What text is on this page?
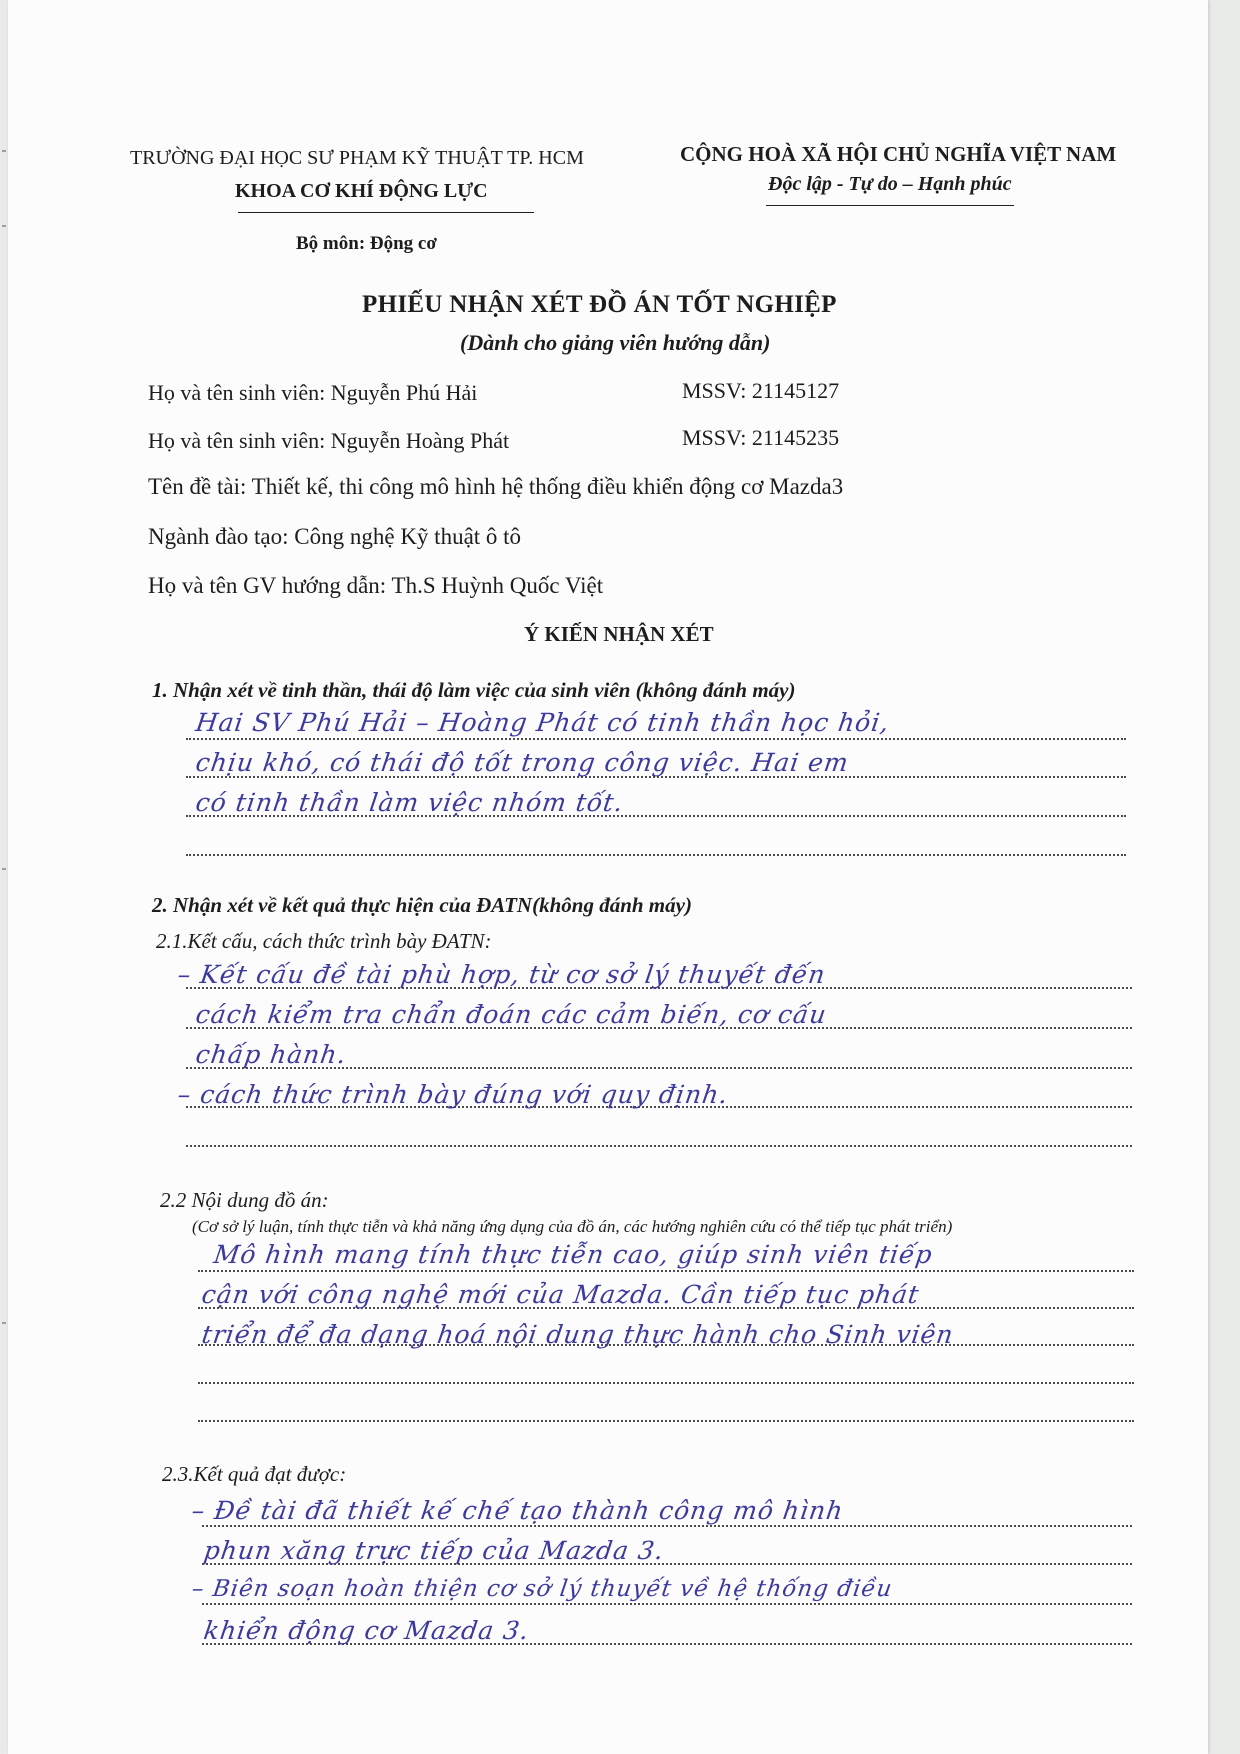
TRƯỜNG ĐẠI HỌC SƯ PHẠM KỸ THUẬT TP. HCM
KHOA CƠ KHÍ ĐỘNG LỰC
Bộ môn: Động cơ
CỘNG HOÀ XÃ HỘI CHỦ NGHĨA VIỆT NAM
Độc lập - Tự do – Hạnh phúc
PHIẾU NHẬN XÉT ĐỒ ÁN TỐT NGHIỆP
(Dành cho giảng viên hướng dẫn)
Họ và tên sinh viên: Nguyễn Phú Hải	MSSV: 21145127
Họ và tên sinh viên: Nguyễn Hoàng Phát	MSSV: 21145235
Tên đề tài: Thiết kế, thi công mô hình hệ thống điều khiển động cơ Mazda3
Ngành đào tạo: Công nghệ Kỹ thuật ô tô
Họ và tên GV hướng dẫn: Th.S Huỳnh Quốc Việt
Ý KIẾN NHẬN XÉT
1. Nhận xét về tinh thần, thái độ làm việc của sinh viên (không đánh máy)
Hai SV Phú Hải – Hoàng Phát có tinh thần học hỏi,
chịu khó, có thái độ tốt trong công việc. Hai em
có tinh thần làm việc nhóm tốt.
2. Nhận xét về kết quả thực hiện của ĐATN(không đánh máy)
2.1.Kết cấu, cách thức trình bày ĐATN:
– Kết cấu đề tài phù hợp, từ cơ sở lý thuyết đến
cách kiểm tra chẩn đoán các cảm biến, cơ cấu
chấp hành.
– cách thức trình bày đúng với quy định.
2.2 Nội dung đồ án:
(Cơ sở lý luận, tính thực tiễn và khả năng ứng dụng của đồ án, các hướng nghiên cứu có thể tiếp tục phát triển)
Mô hình mang tính thực tiễn cao, giúp sinh viên tiếp
cận với công nghệ mới của Mazda. Cần tiếp tục phát
triển để đa dạng hoá nội dung thực hành cho Sinh viên
2.3.Kết quả đạt được:
– Đề tài đã thiết kế chế tạo thành công mô hình
phun xăng trực tiếp của Mazda 3.
– Biên soạn hoàn thiện cơ sở lý thuyết về hệ thống điều
khiển động cơ Mazda 3.
